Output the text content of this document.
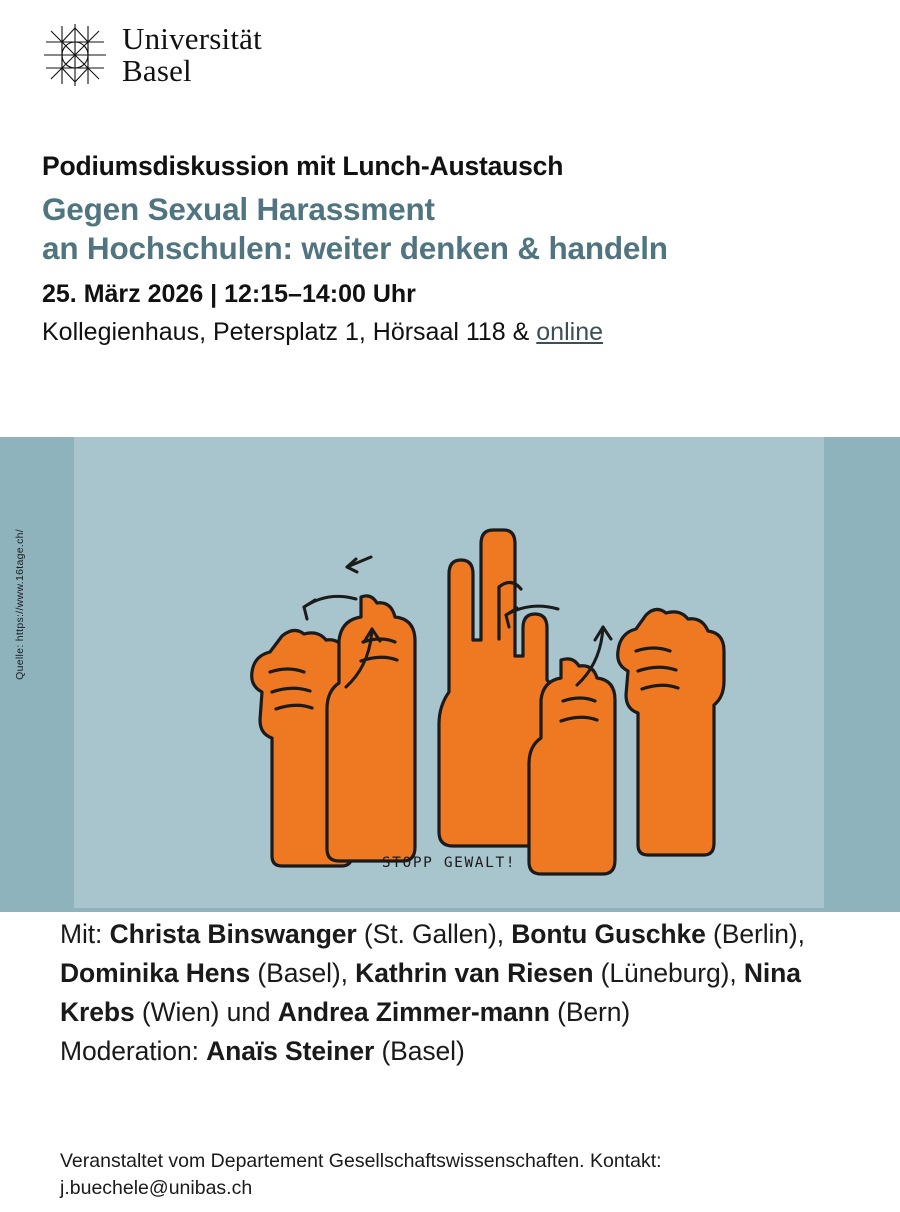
Universität
Basel

Podiumsdiskussion mit Lunch-Austausch

Gegen Sexual Harassment
an Hochschulen: weiter denken & handeln

25. März 2026 | 12:15–14:00 Uhr

Kollegienhaus, Petersplatz 1, Hörsaal 118 & online

Quelle: https://www.16tage.ch/
STOPP GEWALT!

Mit: Christa Binswanger (St. Gallen), Bontu Guschke (Berlin), Dominika Hens (Basel), Kathrin van Riesen (Lüneburg), Nina Krebs (Wien) und Andrea Zimmer-mann (Bern)

Moderation: Anaïs Steiner (Basel)

Veranstaltet vom Departement Gesellschaftswissenschaften. Kontakt:
j.buechele@unibas.ch
